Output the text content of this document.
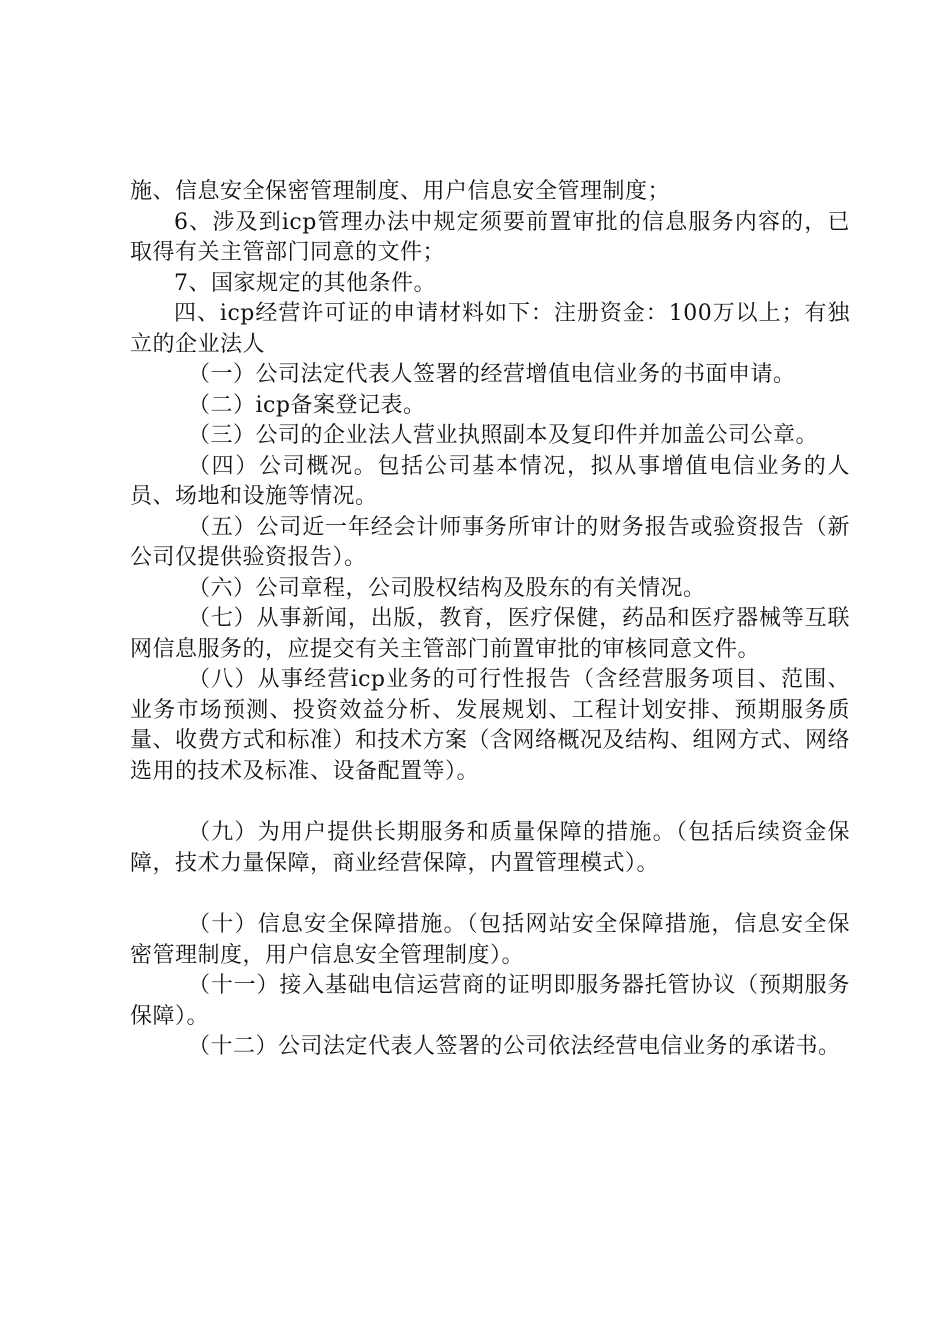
施、信息安全保密管理制度、用户信息安全管理制度；

6、涉及到icp管理办法中规定须要前置审批的信息服务内容的，已取得有关主管部门同意的文件；

7、国家规定的其他条件。

四、icp经营许可证的申请材料如下：注册资金：100万以上；有独立的企业法人

（一）公司法定代表人签署的经营增值电信业务的书面申请。

（二）icp备案登记表。

（三）公司的企业法人营业执照副本及复印件并加盖公司公章。

（四）公司概况。包括公司基本情况，拟从事增值电信业务的人员、场地和设施等情况。

（五）公司近一年经会计师事务所审计的财务报告或验资报告（新公司仅提供验资报告）。

（六）公司章程，公司股权结构及股东的有关情况。

（七）从事新闻，出版，教育，医疗保健，药品和医疗器械等互联网信息服务的，应提交有关主管部门前置审批的审核同意文件。

（八）从事经营icp业务的可行性报告（含经营服务项目、范围、业务市场预测、投资效益分析、发展规划、工程计划安排、预期服务质量、收费方式和标准）和技术方案（含网络概况及结构、组网方式、网络选用的技术及标准、设备配置等）。

（九）为用户提供长期服务和质量保障的措施。（包括后续资金保障，技术力量保障，商业经营保障，内置管理模式）。

（十）信息安全保障措施。（包括网站安全保障措施，信息安全保密管理制度，用户信息安全管理制度）。

（十一）接入基础电信运营商的证明即服务器托管协议（预期服务保障）。

（十二）公司法定代表人签署的公司依法经营电信业务的承诺书。
